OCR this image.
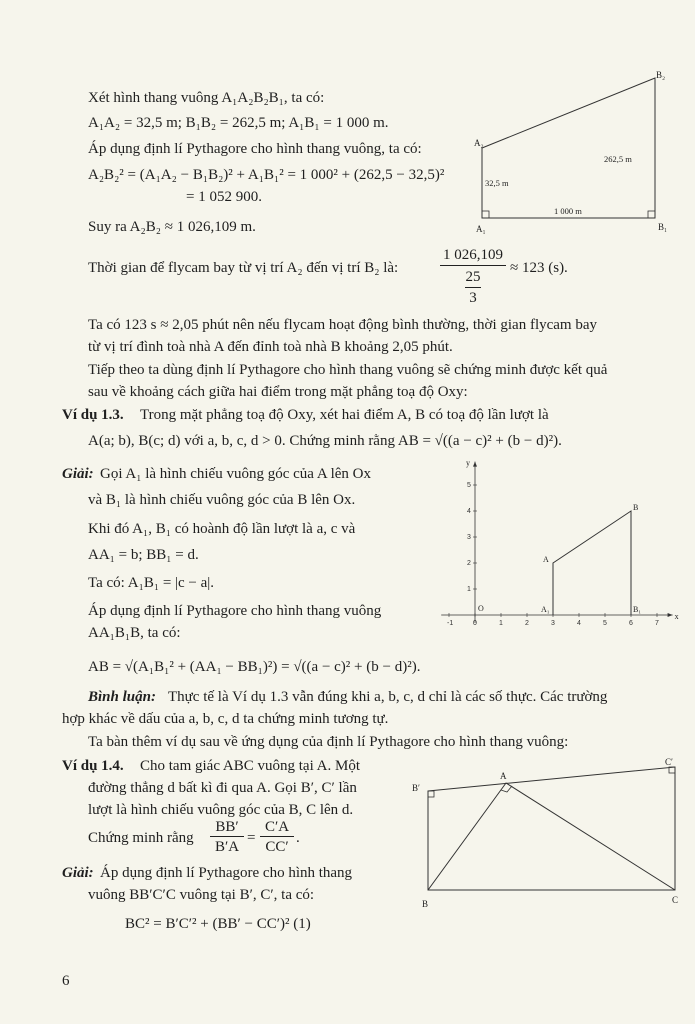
Xét hình thang vuông A₁A₂B₂B₁, ta có:
A₁A₂ = 32,5 m; B₁B₂ = 262,5 m; A₁B₁ = 1 000 m.
Áp dụng định lí Pythagore cho hình thang vuông, ta có:
A₂B₂² = (A₁A₂ − B₁B₂)² + A₁B₁² = 1 000² + (262,5 − 32,5)²
= 1 052 900.
Suy ra A₂B₂ ≈ 1 026,109 m.
Thời gian để flycam bay từ vị trí A₂ đến vị trí B₂ là:
1 026,109
25
3
≈ 123 (s).
Ta có 123 s ≈ 2,05 phút nên nếu flycam hoạt động bình thường, thời gian flycam bay
từ vị trí đình toà nhà A đến đỉnh toà nhà B khoảng 2,05 phút.
Tiếp theo ta dùng định lí Pythagore cho hình thang vuông sẽ chứng minh được kết quả
sau về khoảng cách giữa hai điểm trong mặt phẳng toạ độ Oxy:
Ví dụ 1.3. Trong mặt phẳng toạ độ Oxy, xét hai điểm A, B có toạ độ lần lượt là
A(a; b), B(c; d) với a, b, c, d > 0. Chứng minh rằng AB = √((a − c)² + (b − d)²).
Giải: Gọi A₁ là hình chiếu vuông góc của A lên Ox
và B₁ là hình chiếu vuông góc của B lên Ox.
Khi đó A₁, B₁ có hoành độ lần lượt là a, c và
AA₁ = b; BB₁ = d.
Ta có: A₁B₁ = |c − a|.
Áp dụng định lí Pythagore cho hình thang vuông
AA₁B₁B, ta có:
AB = √(A₁B₁² + (AA₁ − BB₁)²) = √((a − c)² + (b − d)²).
Bình luận: Thực tế là Ví dụ 1.3 vẫn đúng khi a, b, c, d chỉ là các số thực. Các trường
hợp khác về dấu của a, b, c, d ta chứng minh tương tự.
Ta bàn thêm ví dụ sau về ứng dụng của định lí Pythagore cho hình thang vuông:
Ví dụ 1.4. Cho tam giác ABC vuông tại A. Một
đường thẳng d bất kì đi qua A. Gọi B′, C′ lần
lượt là hình chiếu vuông góc của B, C lên d.
Chứng minh rằng
BB′
B′A
=
C′A
CC′
.
Giải: Áp dụng định lí Pythagore cho hình thang
vuông BB′C′C vuông tại B′, C′, ta có:
BC² = B′C′² + (BB′ − CC′)² (1)
6
B₂
A₂
A₁	B₁
32,5 m
262,5 m
1 000 m
x
y
-1	0	1	2	3	4	5	6	7
1
2
3
4
5
O
A
B
A₁	B₁
A
B	C
B′
C′
